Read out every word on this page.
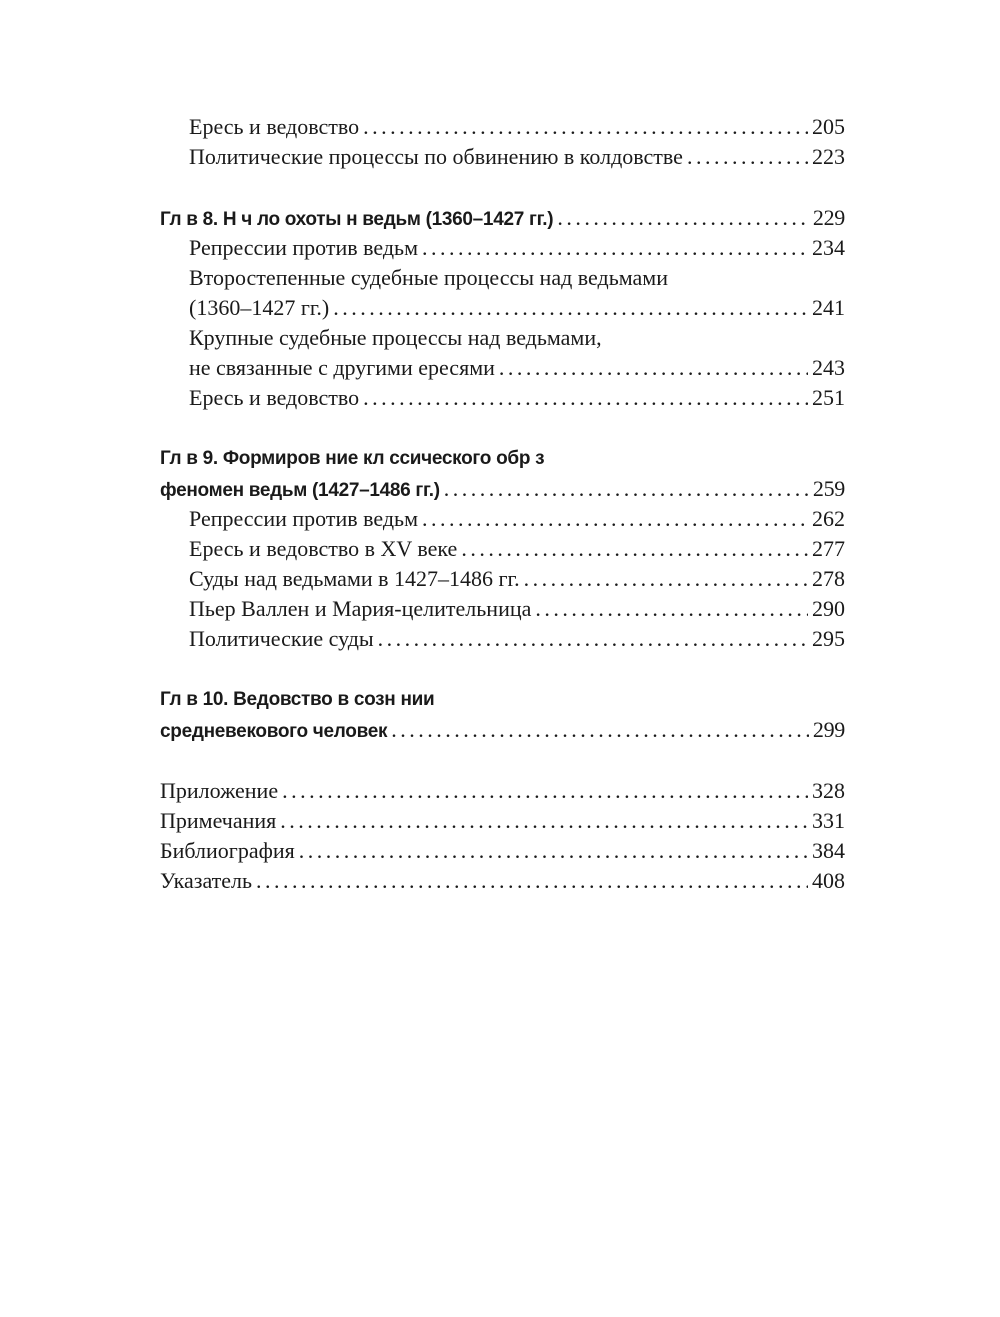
Ересь и ведовство . . .	205
Политические процессы по обвинению в колдовстве . . .	223
Гл в 8. Н ч ло охоты н ведьм (1360–1427 гг.) . . .	229
Репрессии против ведьм . . .	234
Второстепенные судебные процессы над ведьмами
(1360–1427 гг.) . . .	241
Крупные судебные процессы над ведьмами,
не связанные с другими ересями . . .	243
Ересь и ведовство . . .	251
Гл в 9. Формиров ние кл ссического обр з
феномен ведьм (1427–1486 гг.) . . .	259
Репрессии против ведьм . . .	262
Ересь и ведовство в XV веке . . .	277
Суды над ведьмами в 1427–1486 гг. . . .	278
Пьер Валлен и Мария-целительница . . .	290
Политические суды . . .	295
Гл в 10. Ведовство в созн нии
средневекового человек . . .	299
Приложение . . .	328
Примечания . . .	331
Библиография . . .	384
Указатель . . .	408
